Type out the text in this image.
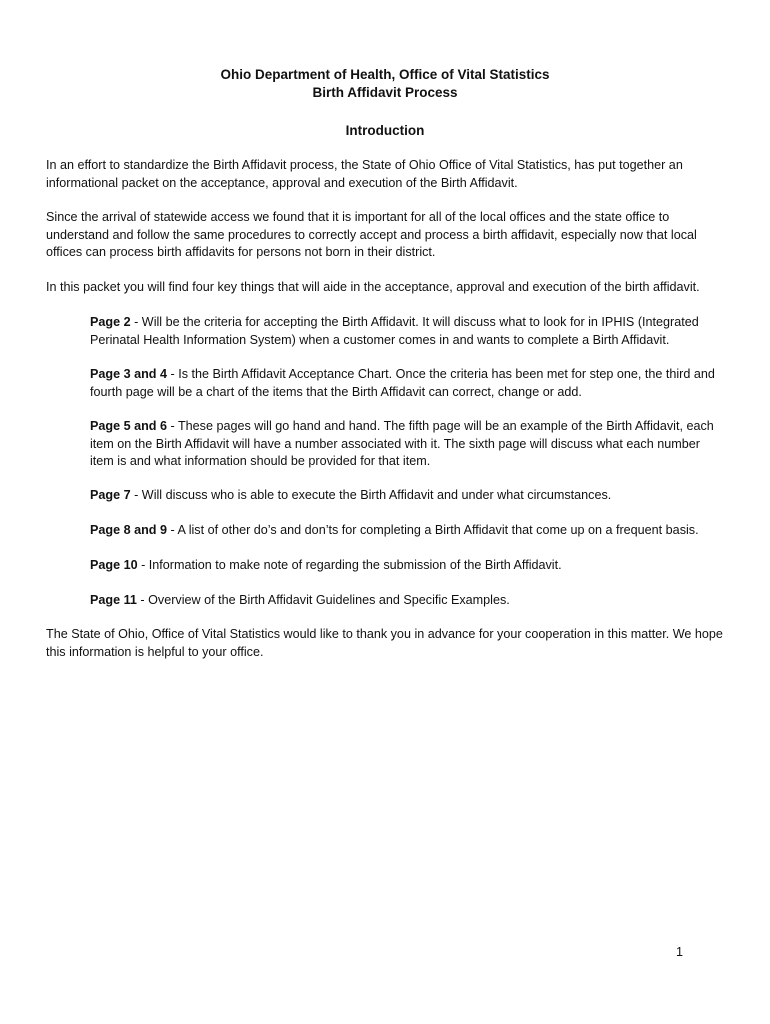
Ohio Department of Health, Office of Vital Statistics

Birth Affidavit Process

Introduction

In an effort to standardize the Birth Affidavit process, the State of Ohio Office of Vital Statistics, has put together an informational packet on the acceptance, approval and execution of the Birth Affidavit.

Since the arrival of statewide access we found that it is important for all of the local offices and the state office to understand and follow the same procedures to correctly accept and process a birth affidavit, especially now that local offices can process birth affidavits for persons not born in their district.

In this packet you will find four key things that will aide in the acceptance, approval and execution of the birth affidavit.

Page 2 - Will be the criteria for accepting the Birth Affidavit. It will discuss what to look for in IPHIS (Integrated Perinatal Health Information System) when a customer comes in and wants to complete a Birth Affidavit.

Page 3 and 4 - Is the Birth Affidavit Acceptance Chart. Once the criteria has been met for step one, the third and fourth page will be a chart of the items that the Birth Affidavit can correct, change or add.

Page 5 and 6 - These pages will go hand and hand. The fifth page will be an example of the Birth Affidavit, each item on the Birth Affidavit will have a number associated with it. The sixth page will discuss what each number item is and what information should be provided for that item.

Page 7 - Will discuss who is able to execute the Birth Affidavit and under what circumstances.

Page 8 and 9 - A list of other do’s and don’ts for completing a Birth Affidavit that come up on a frequent basis.

Page 10 - Information to make note of regarding the submission of the Birth Affidavit.

Page 11 - Overview of the Birth Affidavit Guidelines and Specific Examples.

The State of Ohio, Office of Vital Statistics would like to thank you in advance for your cooperation in this matter. We hope this information is helpful to your office.

1
